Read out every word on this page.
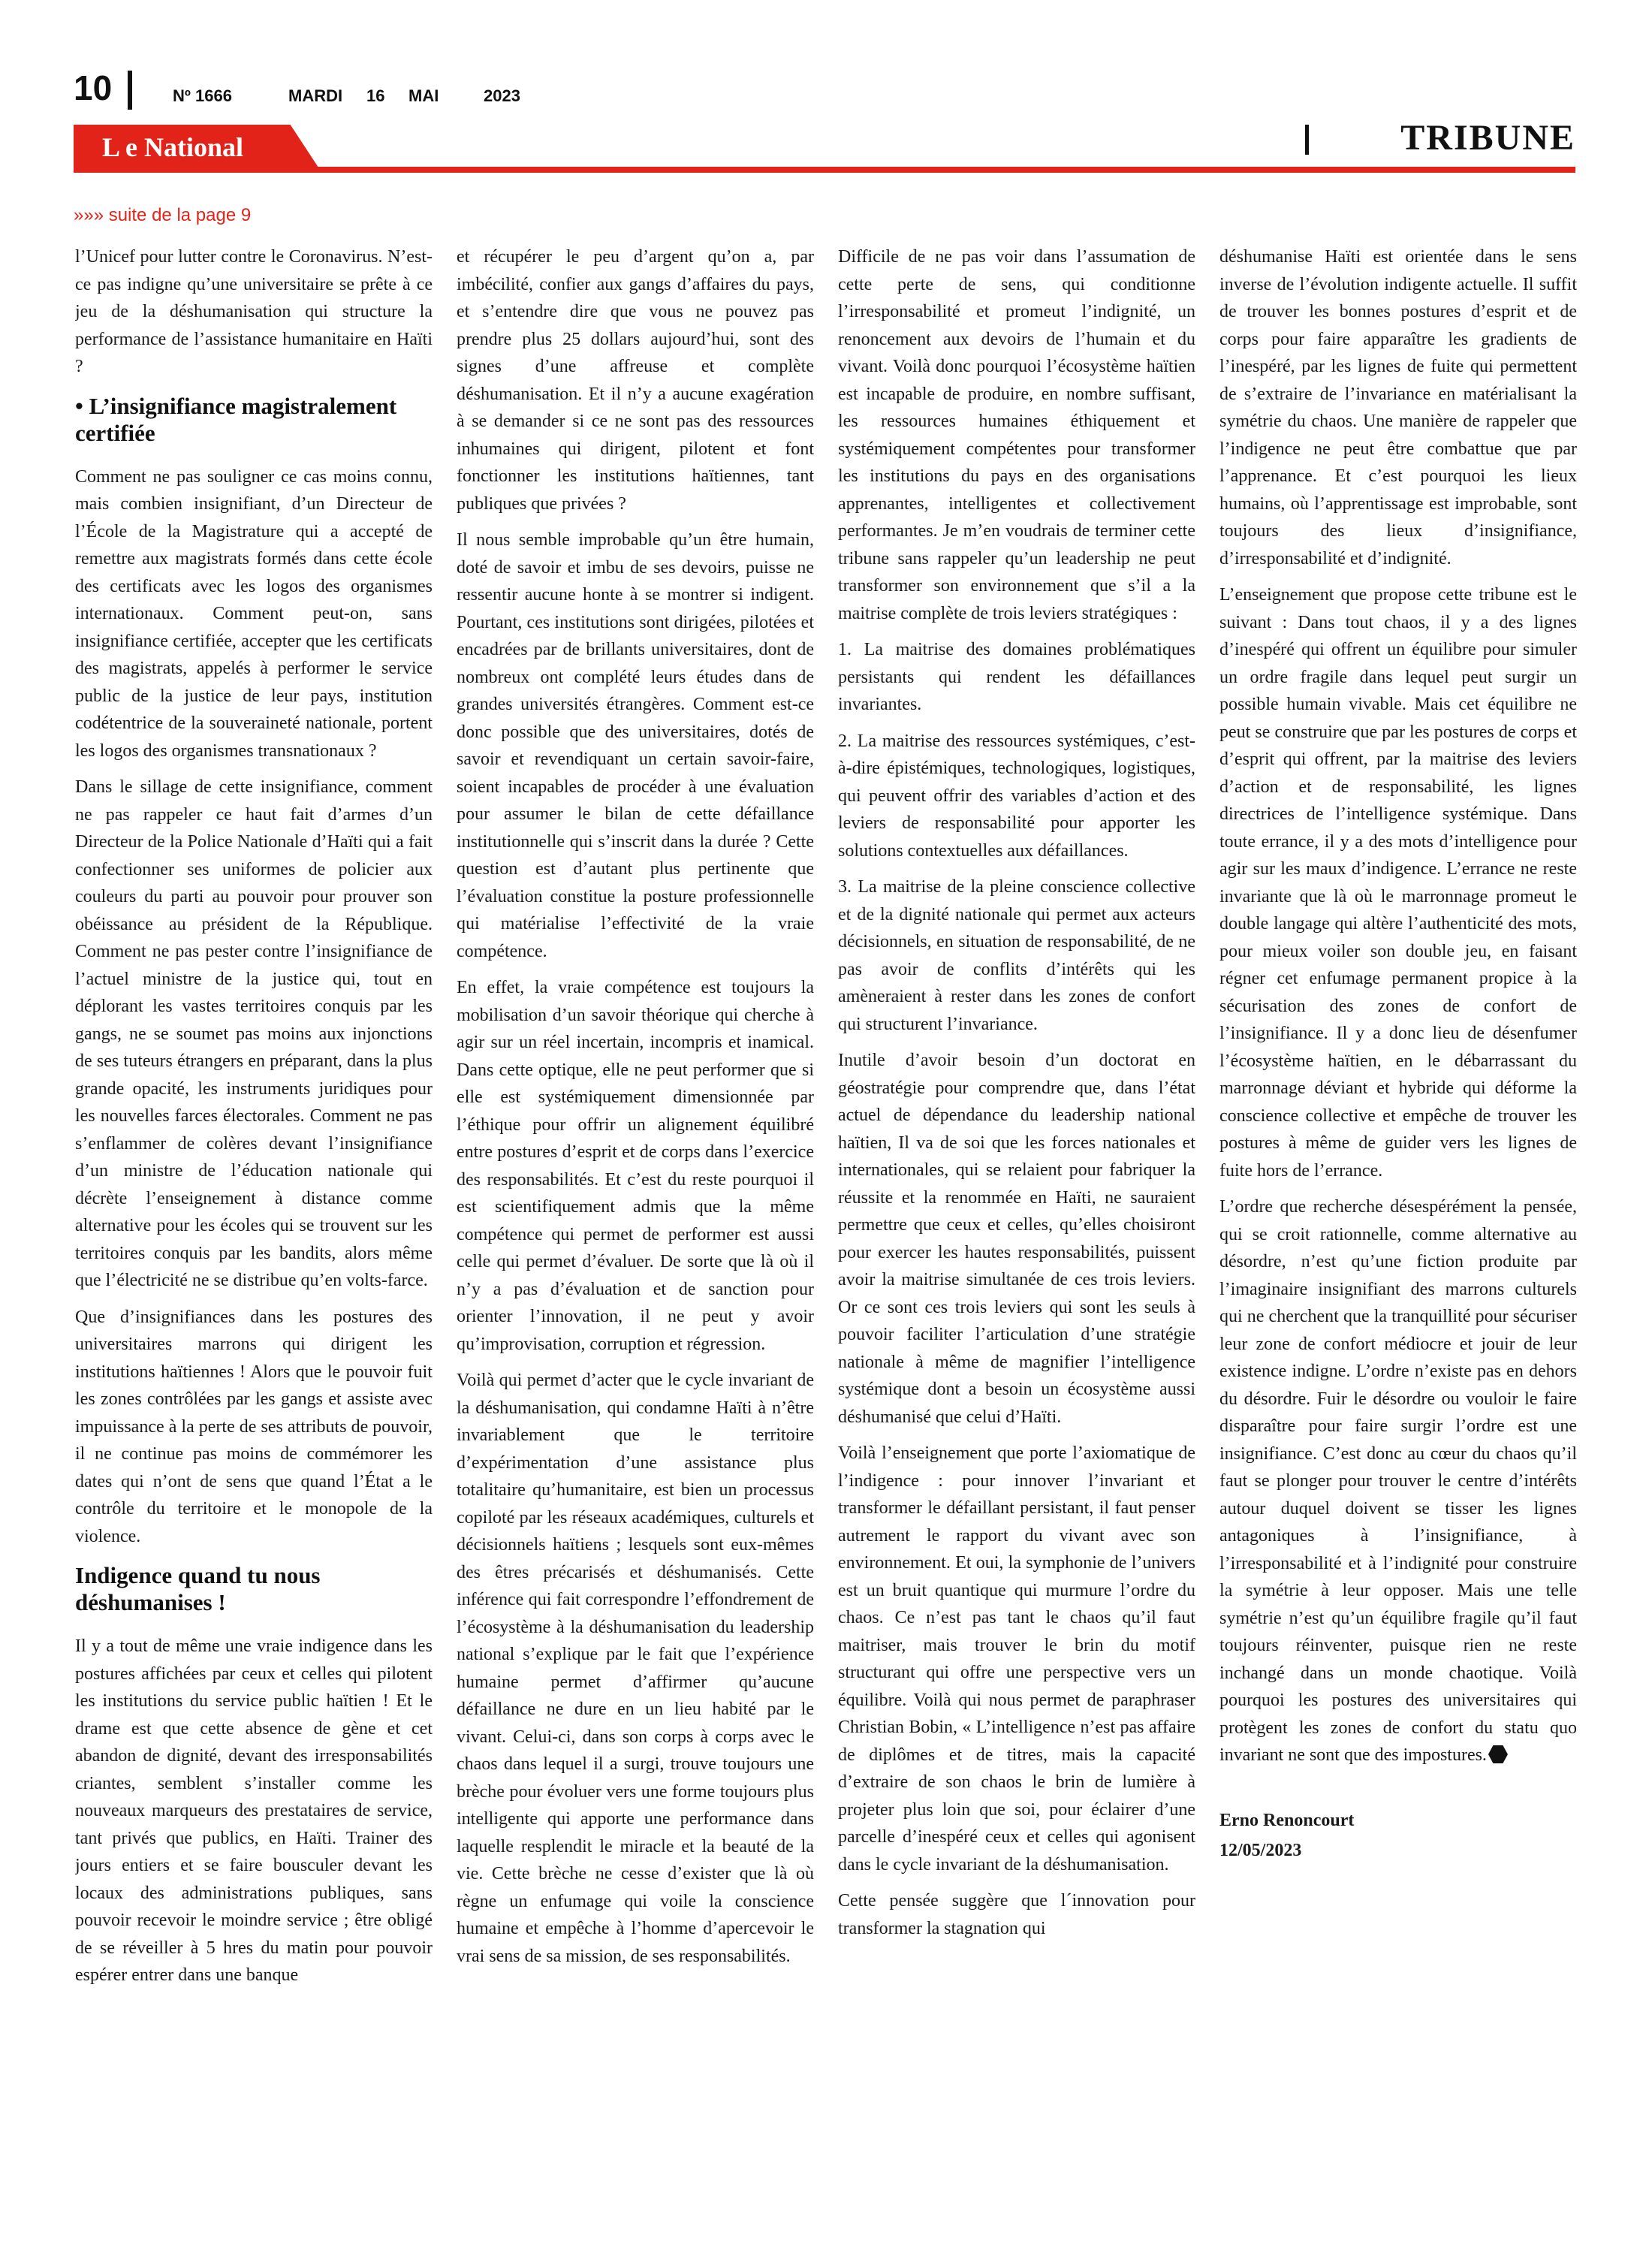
10	Nº 1666	MARDI 16 MAI	2023
L e National	TRIBUNE
»»» suite de la page 9

l’Unicef pour lutter contre le Coronavirus. N’est-ce pas indigne qu’une universitaire se prête à ce jeu de la déshumanisation qui structure la performance de l’assistance humanitaire en Haïti ?

• L’insignifiance magistralement certifiée

Comment ne pas souligner ce cas moins connu, mais combien insignifiant, d’un Directeur de l’École de la Magistrature qui a accepté de remettre aux magistrats formés dans cette école des certificats avec les logos des organismes internationaux. Comment peut-on, sans insignifiance certifiée, accepter que les certificats des magistrats, appelés à performer le service public de la justice de leur pays, institution codétentrice de la souveraineté nationale, portent les logos des organismes transnationaux ?

Dans le sillage de cette insignifiance, comment ne pas rappeler ce haut fait d’armes d’un Directeur de la Police Nationale d’Haïti qui a fait confectionner ses uniformes de policier aux couleurs du parti au pouvoir pour prouver son obéissance au président de la République. Comment ne pas pester contre l’insignifiance de l’actuel ministre de la justice qui, tout en déplorant les vastes territoires conquis par les gangs, ne se soumet pas moins aux injonctions de ses tuteurs étrangers en préparant, dans la plus grande opacité, les instruments juridiques pour les nouvelles farces électorales. Comment ne pas s’enflammer de colères devant l’insignifiance d’un ministre de l’éducation nationale qui décrète l’enseignement à distance comme alternative pour les écoles qui se trouvent sur les territoires conquis par les bandits, alors même que l’électricité ne se distribue qu’en volts-farce.

Que d’insignifiances dans les postures des universitaires marrons qui dirigent les institutions haïtiennes ! Alors que le pouvoir fuit les zones contrôlées par les gangs et assiste avec impuissance à la perte de ses attributs de pouvoir, il ne continue pas moins de commémorer les dates qui n’ont de sens que quand l’État a le contrôle du territoire et le monopole de la violence.

Indigence quand tu nous déshumanises !

Il y a tout de même une vraie indigence dans les postures affichées par ceux et celles qui pilotent les institutions du service public haïtien ! Et le drame est que cette absence de gène et cet abandon de dignité, devant des irresponsabilités criantes, semblent s’installer comme les nouveaux marqueurs des prestataires de service, tant privés que publics, en Haïti. Trainer des jours entiers et se faire bousculer devant les locaux des administrations publiques, sans pouvoir recevoir le moindre service ; être obligé de se réveiller à 5 hres du matin pour pouvoir espérer entrer dans une banque

et récupérer le peu d’argent qu’on a, par imbécilité, confier aux gangs d’affaires du pays, et s’entendre dire que vous ne pouvez pas prendre plus 25 dollars aujourd’hui, sont des signes d’une affreuse et complète déshumanisation. Et il n’y a aucune exagération à se demander si ce ne sont pas des ressources inhumaines qui dirigent, pilotent et font fonctionner les institutions haïtiennes, tant publiques que privées ?

Il nous semble improbable qu’un être humain, doté de savoir et imbu de ses devoirs, puisse ne ressentir aucune honte à se montrer si indigent. Pourtant, ces institutions sont dirigées, pilotées et encadrées par de brillants universitaires, dont de nombreux ont complété leurs études dans de grandes universités étrangères. Comment est-ce donc possible que des universitaires, dotés de savoir et revendiquant un certain savoir-faire, soient incapables de procéder à une évaluation pour assumer le bilan de cette défaillance institutionnelle qui s’inscrit dans la durée ? Cette question est d’autant plus pertinente que l’évaluation constitue la posture professionnelle qui matérialise l’effectivité de la vraie compétence.

En effet, la vraie compétence est toujours la mobilisation d’un savoir théorique qui cherche à agir sur un réel incertain, incompris et inamical. Dans cette optique, elle ne peut performer que si elle est systémiquement dimensionnée par l’éthique pour offrir un alignement équilibré entre postures d’esprit et de corps dans l’exercice des responsabilités. Et c’est du reste pourquoi il est scientifiquement admis que la même compétence qui permet de performer est aussi celle qui permet d’évaluer. De sorte que là où il n’y a pas d’évaluation et de sanction pour orienter l’innovation, il ne peut y avoir qu’improvisation, corruption et régression.

Voilà qui permet d’acter que le cycle invariant de la déshumanisation, qui condamne Haïti à n’être invariablement que le territoire d’expérimentation d’une assistance plus totalitaire qu’humanitaire, est bien un processus copiloté par les réseaux académiques, culturels et décisionnels haïtiens ; lesquels sont eux-mêmes des êtres précarisés et déshumanisés. Cette inférence qui fait correspondre l’effondrement de l’écosystème à la déshumanisation du leadership national s’explique par le fait que l’expérience humaine permet d’affirmer qu’aucune défaillance ne dure en un lieu habité par le vivant. Celui-ci, dans son corps à corps avec le chaos dans lequel il a surgi, trouve toujours une brèche pour évoluer vers une forme toujours plus intelligente qui apporte une performance dans laquelle resplendit le miracle et la beauté de la vie. Cette brèche ne cesse d’exister que là où règne un enfumage qui voile la conscience humaine et empêche à l’homme d’apercevoir le vrai sens de sa mission, de ses responsabilités.

Difficile de ne pas voir dans l’assumation de cette perte de sens, qui conditionne l’irresponsabilité et promeut l’indignité, un renoncement aux devoirs de l’humain et du vivant. Voilà donc pourquoi l’écosystème haïtien est incapable de produire, en nombre suffisant, les ressources humaines éthiquement et systémiquement compétentes pour transformer les institutions du pays en des organisations apprenantes, intelligentes et collectivement performantes. Je m’en voudrais de terminer cette tribune sans rappeler qu’un leadership ne peut transformer son environnement que s’il a la maitrise complète de trois leviers stratégiques :

1. La maitrise des domaines problématiques persistants qui rendent les défaillances invariantes.

2. La maitrise des ressources systémiques, c’est-à-dire épistémiques, technologiques, logistiques, qui peuvent offrir des variables d’action et des leviers de responsabilité pour apporter les solutions contextuelles aux défaillances.

3. La maitrise de la pleine conscience collective et de la dignité nationale qui permet aux acteurs décisionnels, en situation de responsabilité, de ne pas avoir de conflits d’intérêts qui les amèneraient à rester dans les zones de confort qui structurent l’invariance.

Inutile d’avoir besoin d’un doctorat en géostratégie pour comprendre que, dans l’état actuel de dépendance du leadership national haïtien, Il va de soi que les forces nationales et internationales, qui se relaient pour fabriquer la réussite et la renommée en Haïti, ne sauraient permettre que ceux et celles, qu’elles choisiront pour exercer les hautes responsabilités, puissent avoir la maitrise simultanée de ces trois leviers. Or ce sont ces trois leviers qui sont les seuls à pouvoir faciliter l’articulation d’une stratégie nationale à même de magnifier l’intelligence systémique dont a besoin un écosystème aussi déshumanisé que celui d’Haïti.

Voilà l’enseignement que porte l’axiomatique de l’indigence : pour innover l’invariant et transformer le défaillant persistant, il faut penser autrement le rapport du vivant avec son environnement. Et oui, la symphonie de l’univers est un bruit quantique qui murmure l’ordre du chaos. Ce n’est pas tant le chaos qu’il faut maitriser, mais trouver le brin du motif structurant qui offre une perspective vers un équilibre. Voilà qui nous permet de paraphraser Christian Bobin, « L’intelligence n’est pas affaire de diplômes et de titres, mais la capacité d’extraire de son chaos le brin de lumière à projeter plus loin que soi, pour éclairer d’une parcelle d’inespéré ceux et celles qui agonisent dans le cycle invariant de la déshumanisation.

Cette pensée suggère que l´innovation pour transformer la stagnation qui

déshumanise Haïti est orientée dans le sens inverse de l’évolution indigente actuelle. Il suffit de trouver les bonnes postures d’esprit et de corps pour faire apparaître les gradients de l’inespéré, par les lignes de fuite qui permettent de s’extraire de l’invariance en matérialisant la symétrie du chaos. Une manière de rappeler que l’indigence ne peut être combattue que par l’apprenance. Et c’est pourquoi les lieux humains, où l’apprentissage est improbable, sont toujours des lieux d’insignifiance, d’irresponsabilité et d’indignité.

L’enseignement que propose cette tribune est le suivant : Dans tout chaos, il y a des lignes d’inespéré qui offrent un équilibre pour simuler un ordre fragile dans lequel peut surgir un possible humain vivable. Mais cet équilibre ne peut se construire que par les postures de corps et d’esprit qui offrent, par la maitrise des leviers d’action et de responsabilité, les lignes directrices de l’intelligence systémique. Dans toute errance, il y a des mots d’intelligence pour agir sur les maux d’indigence. L’errance ne reste invariante que là où le marronnage promeut le double langage qui altère l’authenticité des mots, pour mieux voiler son double jeu, en faisant régner cet enfumage permanent propice à la sécurisation des zones de confort de l’insignifiance. Il y a donc lieu de désenfumer l’écosystème haïtien, en le débarrassant du marronnage déviant et hybride qui déforme la conscience collective et empêche de trouver les postures à même de guider vers les lignes de fuite hors de l’errance.

L’ordre que recherche désespérément la pensée, qui se croit rationnelle, comme alternative au désordre, n’est qu’une fiction produite par l’imaginaire insignifiant des marrons culturels qui ne cherchent que la tranquillité pour sécuriser leur zone de confort médiocre et jouir de leur existence indigne. L’ordre n’existe pas en dehors du désordre. Fuir le désordre ou vouloir le faire disparaître pour faire surgir l’ordre est une insignifiance. C’est donc au cœur du chaos qu’il faut se plonger pour trouver le centre d’intérêts autour duquel doivent se tisser les lignes antagoniques à l’insignifiance, à l’irresponsabilité et à l’indignité pour construire la symétrie à leur opposer. Mais une telle symétrie n’est qu’un équilibre fragile qu’il faut toujours réinventer, puisque rien ne reste inchangé dans un monde chaotique. Voilà pourquoi les postures des universitaires qui protègent les zones de confort du statu quo invariant ne sont que des impostures.

Erno Renoncourt

12/05/2023
